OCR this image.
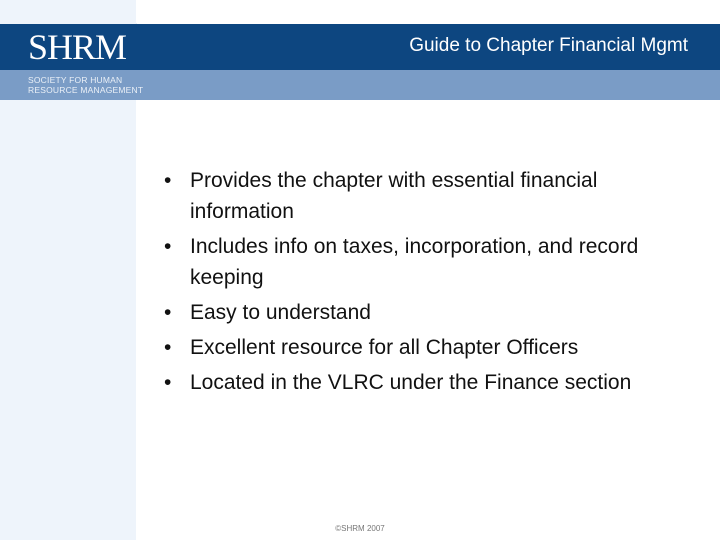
SHRM
SOCIETY FOR HUMAN
RESOURCE MANAGEMENT
tm
Guide to Chapter Financial Mgmt
• Provides the chapter with essential financial information
• Includes info on taxes, incorporation, and record keeping
• Easy to understand
• Excellent resource for all Chapter Officers
• Located in the VLRC under the Finance section
©SHRM 2007
